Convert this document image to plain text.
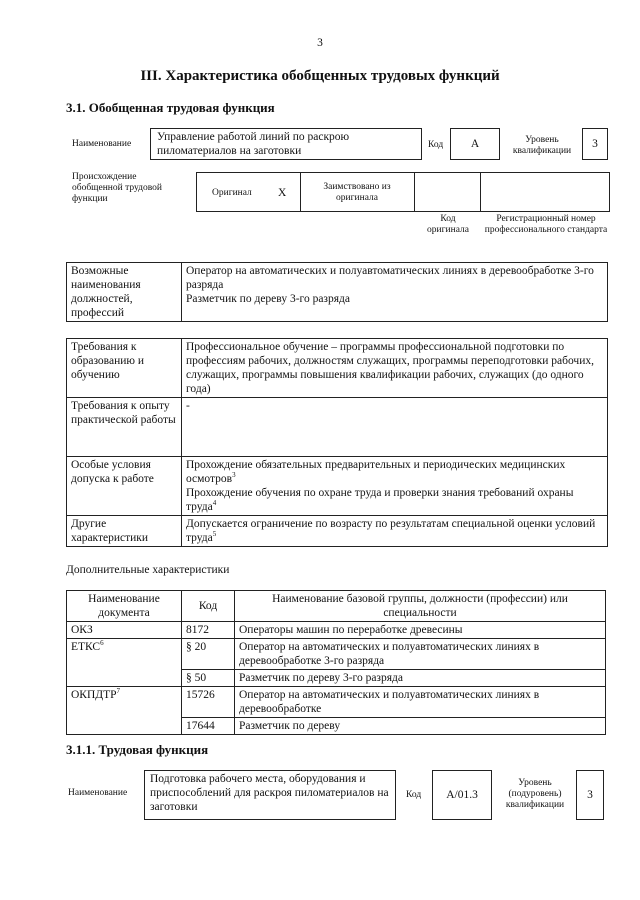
3
III. Характеристика обобщенных трудовых функций
3.1. Обобщенная трудовая функция
Наименование
Управление работой линий по раскрою пиломатериалов на заготовки	Код	A	Уровень квалификации
3
Происхождение обобщенной трудовой функции
Оригинал X	Заимствовано из оригинала
Код оригинала
Регистрационный номер профессионального стандарта
Возможные наименования должностей, профессий	Оператор на автоматических и полуавтоматических линиях в деревообработке 3-го разряда
Разметчик по дереву 3-го разряда
Требования к образованию и обучению	Профессиональное обучение – программы профессиональной подготовки по профессиям рабочих, должностям служащих, программы переподготовки рабочих, служащих, программы повышения квалификации рабочих, служащих (до одного года)
Требования к опыту практической работы	-
Особые условия допуска к работе	Прохождение обязательных предварительных и периодических медицинских осмотров$^3$
Прохождение обучения по охране труда и проверки знания требований охраны труда$^4$
Другие характеристики	Допускается ограничение по возрасту по результатам специальной оценки условий труда$^5$
Дополнительные характеристики
Наименование документа	Код	Наименование базовой группы, должности (профессии) или специальности
ОКЗ	8172	Операторы машин по переработке древесины
ЕТКС$^6$	§ 20	Оператор на автоматических и полуавтоматических линиях в деревообработке 3-го разряда
	§ 50	Разметчик по дереву 3-го разряда
ОКПДТР$^7$	15726	Оператор на автоматических и полуавтоматических линиях в деревообработке
	17644	Разметчик по дереву
3.1.1. Трудовая функция
Наименование
Подготовка рабочего места, оборудования и приспособлений для раскроя пиломатериалов на заготовки
Код	A/01.3
Уровень (подуровень) квалификации
3
